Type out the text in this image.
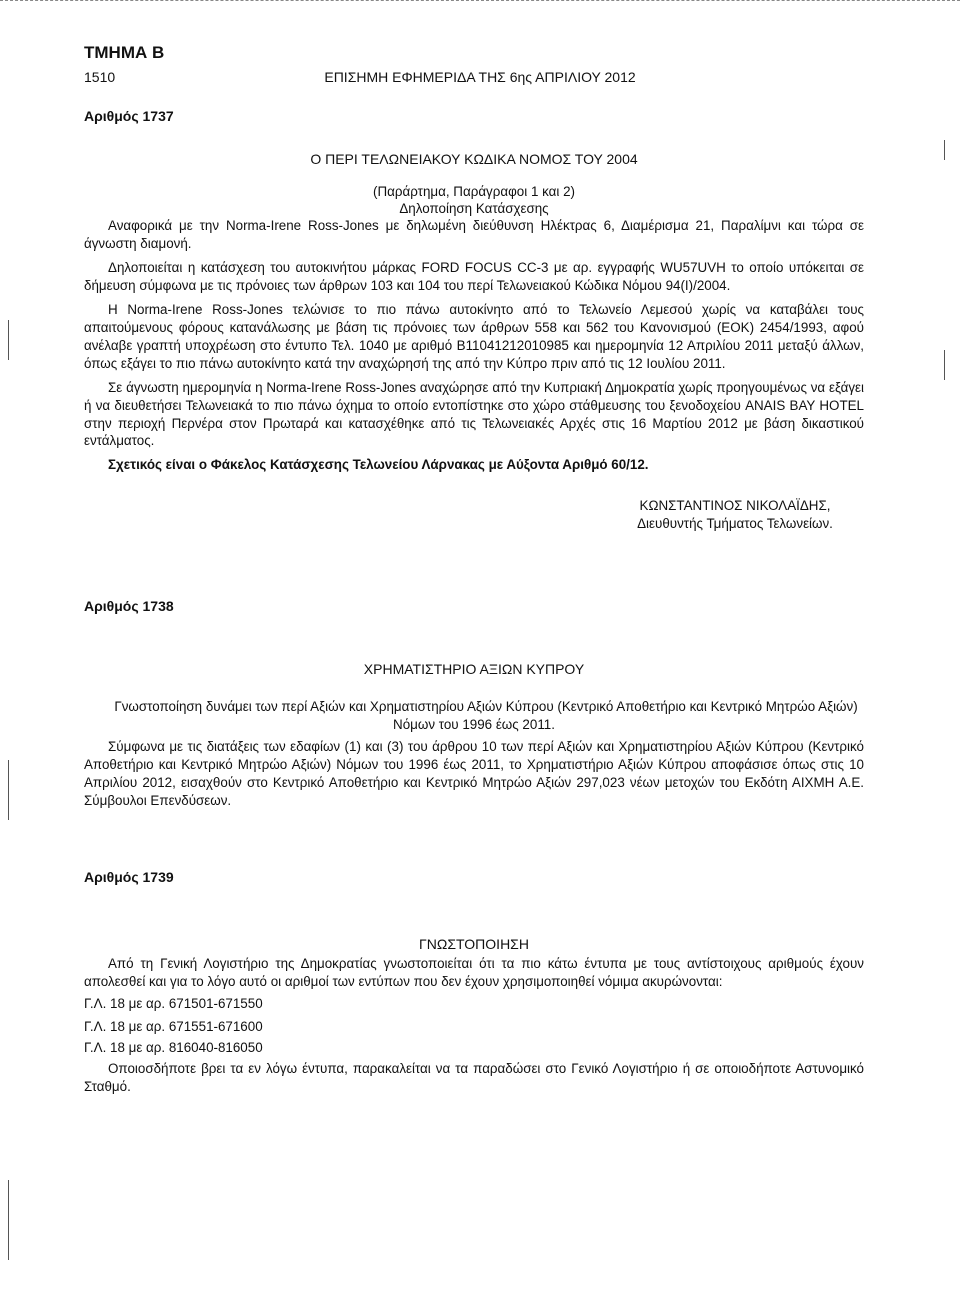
ΤΜΗΜΑ Β
1510	ΕΠΙΣΗΜΗ ΕΦΗΜΕΡΙΔΑ ΤΗΣ 6ης ΑΠΡΙΛΙΟΥ 2012
Αριθμός 1737
Ο ΠΕΡΙ ΤΕΛΩΝΕΙΑΚΟΥ ΚΩΔΙΚΑ ΝΟΜΟΣ ΤΟΥ 2004
(Παράρτημα, Παράγραφοι 1 και 2)
Δηλοποίηση Κατάσχεσης

Αναφορικά με την Norma-Irene Ross-Jones με δηλωμένη διεύθυνση Ηλέκτρας 6, Διαμέρισμα 21, Παραλίμνι και τώρα σε άγνωστη διαμονή.

Δηλοποιείται η κατάσχεση του αυτοκινήτου μάρκας FORD FOCUS CC-3 με αρ. εγγραφής WU57UVH το οποίο υπόκειται σε δήμευση σύμφωνα με τις πρόνοιες των άρθρων 103 και 104 του περί Τελωνειακού Κώδικα Νόμου 94(I)/2004.

Η Norma-Irene Ross-Jones τελώνισε το πιο πάνω αυτοκίνητο από το Τελωνείο Λεμεσού χωρίς να καταβάλει τους απαιτούμενους φόρους κατανάλωσης με βάση τις πρόνοιες των άρθρων 558 και 562 του Κανονισμού (ΕΟΚ) 2454/1993, αφού ανέλαβε γραπτή υποχρέωση στο έντυπο Τελ. 1040 με αριθμό B11041212010985 και ημερομηνία 12 Απριλίου 2011 μεταξύ άλλων, όπως εξάγει το πιο πάνω αυτοκίνητο κατά την αναχώρησή της από την Κύπρο πριν από τις 12 Ιουλίου 2011.

Σε άγνωστη ημερομηνία η Norma-Irene Ross-Jones αναχώρησε από την Κυπριακή Δημοκρατία χωρίς προηγουμένως να εξάγει ή να διευθετήσει Τελωνειακά το πιο πάνω όχημα το οποίο εντοπίστηκε στο χώρο στάθμευσης του ξενοδοχείου ANAIS BAY HOTEL στην περιοχή Περνέρα στον Πρωταρά και κατασχέθηκε από τις Τελωνειακές Αρχές στις 16 Μαρτίου 2012 με βάση δικαστικού εντάλματος.

Σχετικός είναι ο Φάκελος Κατάσχεσης Τελωνείου Λάρνακας με Αύξοντα Αριθμό 60/12.

ΚΩΝΣΤΑΝΤΙΝΟΣ ΝΙΚΟΛΑΪΔΗΣ,
Διευθυντής Τμήματος Τελωνείων.
Αριθμός 1738
ΧΡΗΜΑΤΙΣΤΗΡΙΟ ΑΞΙΩΝ ΚΥΠΡΟΥ

Γνωστοποίηση δυνάμει των περί Αξιών και Χρηματιστηρίου Αξιών Κύπρου (Κεντρικό Αποθετήριο και Κεντρικό Μητρώο Αξιών) Νόμων του 1996 έως 2011.

Σύμφωνα με τις διατάξεις των εδαφίων (1) και (3) του άρθρου 10 των περί Αξιών και Χρηματιστηρίου Αξιών Κύπρου (Κεντρικό Αποθετήριο και Κεντρικό Μητρώο Αξιών) Νόμων του 1996 έως 2011, το Χρηματιστήριο Αξιών Κύπρου αποφάσισε όπως στις 10 Απριλίου 2012, εισαχθούν στο Κεντρικό Αποθετήριο και Κεντρικό Μητρώο Αξιών 297,023 νέων μετοχών του Εκδότη ΑΙΧΜΗ Α.Ε. Σύμβουλοι Επενδύσεων.

Αριθμός 1739
ΓΝΩΣΤΟΠΟΙΗΣΗ

Από τη Γενική Λογιστήριο της Δημοκρατίας γνωστοποιείται ότι τα πιο κάτω έντυπα με τους αντίστοιχους αριθμούς έχουν απολεσθεί και για το λόγο αυτό οι αριθμοί των εντύπων που δεν έχουν χρησιμοποιηθεί νόμιμα ακυρώνονται:

Γ.Λ. 18 με αρ. 671501-671550
Γ.Λ. 18 με αρ. 671551-671600
Γ.Λ. 18 με αρ. 816040-816050

Οποιοσδήποτε βρει τα εν λόγω έντυπα, παρακαλείται να τα παραδώσει στο Γενικό Λογιστήριο ή σε οποιοδήποτε Αστυνομικό Σταθμό.
